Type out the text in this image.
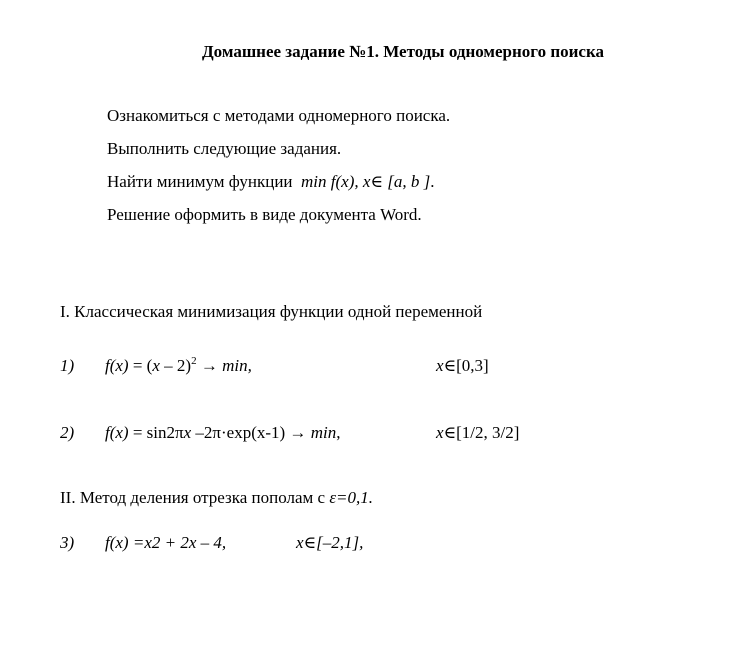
Домашнее задание №1. Методы одномерного поиска
Ознакомиться с методами одномерного поиска.
Выполнить следующие задания.
Найти минимум функции min f(x), x∈ [a, b ].
Решение оформить в виде документа Word.
I. Классическая минимизация функции одной переменной
1) f(x) = (x – 2)$^2$ → min,	x∈[0,3]
2) f(x) = sin2πx –2π·exp(x-1) → min,	x∈[1/2, 3/2]
II. Метод деления отрезка пополам с ε=0,1.
3) f(x) =x2 + 2x – 4,	x∈[–2,1],
